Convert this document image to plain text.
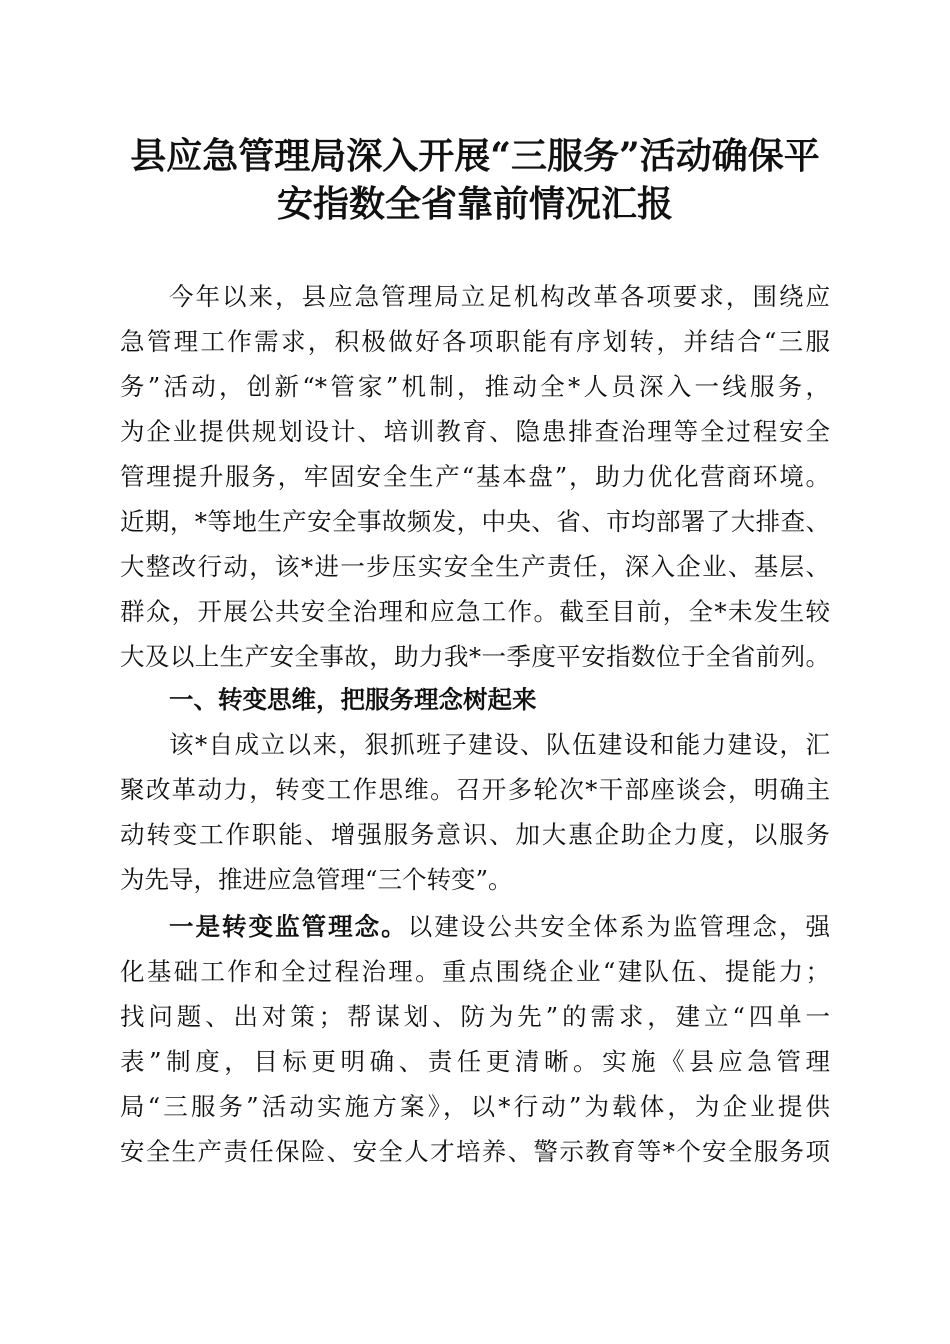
县应急管理局深入开展“三服务”活动确保平
安指数全省靠前情况汇报
今年以来，县应急管理局立足机构改革各项要求，围绕应
急管理工作需求，积极做好各项职能有序划转，并结合“三服
务”活动，创新“*管家”机制，推动全*人员深入一线服务，
为企业提供规划设计、培训教育、隐患排查治理等全过程安全
管理提升服务，牢固安全生产“基本盘”，助力优化营商环境。
近期，*等地生产安全事故频发，中央、省、市均部署了大排查、
大整改行动，该*进一步压实安全生产责任，深入企业、基层、
群众，开展公共安全治理和应急工作。截至目前，全*未发生较
大及以上生产安全事故，助力我*一季度平安指数位于全省前列。
一、转变思维，把服务理念树起来
该*自成立以来，狠抓班子建设、队伍建设和能力建设，汇
聚改革动力，转变工作思维。召开多轮次*干部座谈会，明确主
动转变工作职能、增强服务意识、加大惠企助企力度，以服务
为先导，推进应急管理“三个转变”。
一是转变监管理念。以建设公共安全体系为监管理念，强
化基础工作和全过程治理。重点围绕企业“建队伍、提能力；
找问题、出对策；帮谋划、防为先”的需求，建立“四单一
表”制度，目标更明确、责任更清晰。实施《县应急管理
局“三服务”活动实施方案》，以*行动”为载体，为企业提供
安全生产责任保险、安全人才培养、警示教育等*个安全服务项
